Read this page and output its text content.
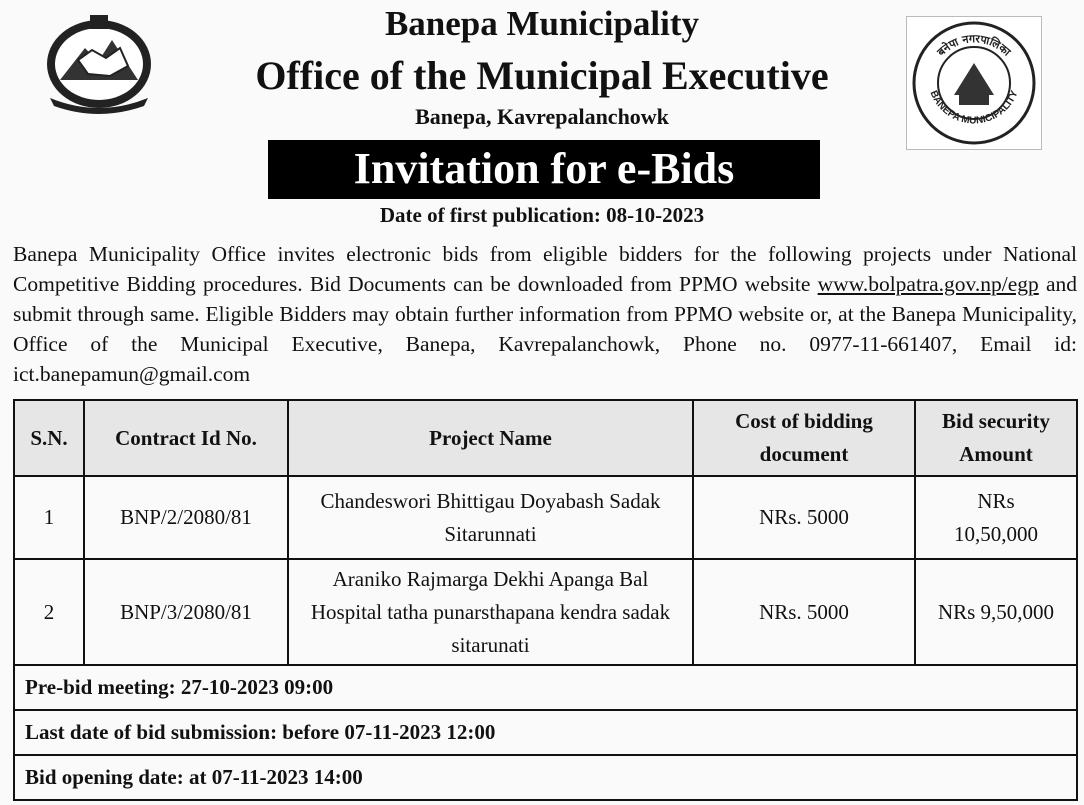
BANEPA MUNICIPALITY
बनेपा नगरपालिका
Banepa Municipality
Office of the Municipal Executive
Banepa, Kavrepalanchowk
Invitation for e-Bids
Date of first publication: 08-10-2023
Banepa Municipality Office invites electronic bids from eligible bidders for the following projects under National Competitive Bidding procedures. Bid Documents can be downloaded from PPMO website www.bolpatra.gov.np/egp and submit through same. Eligible Bidders may obtain further information from PPMO website or, at the Banepa Municipality, Office of the Municipal Executive, Banepa, Kavrepalanchowk, Phone no. 0977-11-661407, Email id: ict.banepamun@gmail.com
S.N.	Contract Id No.	Project Name	Cost of bidding document	Bid security Amount
1	BNP/2/2080/81	Chandeswori Bhittigau Doyabash Sadak Sitarunnati	NRs. 5000	NRs 10,50,000
2	BNP/3/2080/81	Araniko Rajmarga Dekhi Apanga Bal Hospital tatha punarsthapana kendra sadak sitarunati	NRs. 5000	NRs 9,50,000
Pre-bid meeting: 27-10-2023 09:00				
Last date of bid submission: before 07-11-2023 12:00				
Bid opening date: at 07-11-2023 14:00				
